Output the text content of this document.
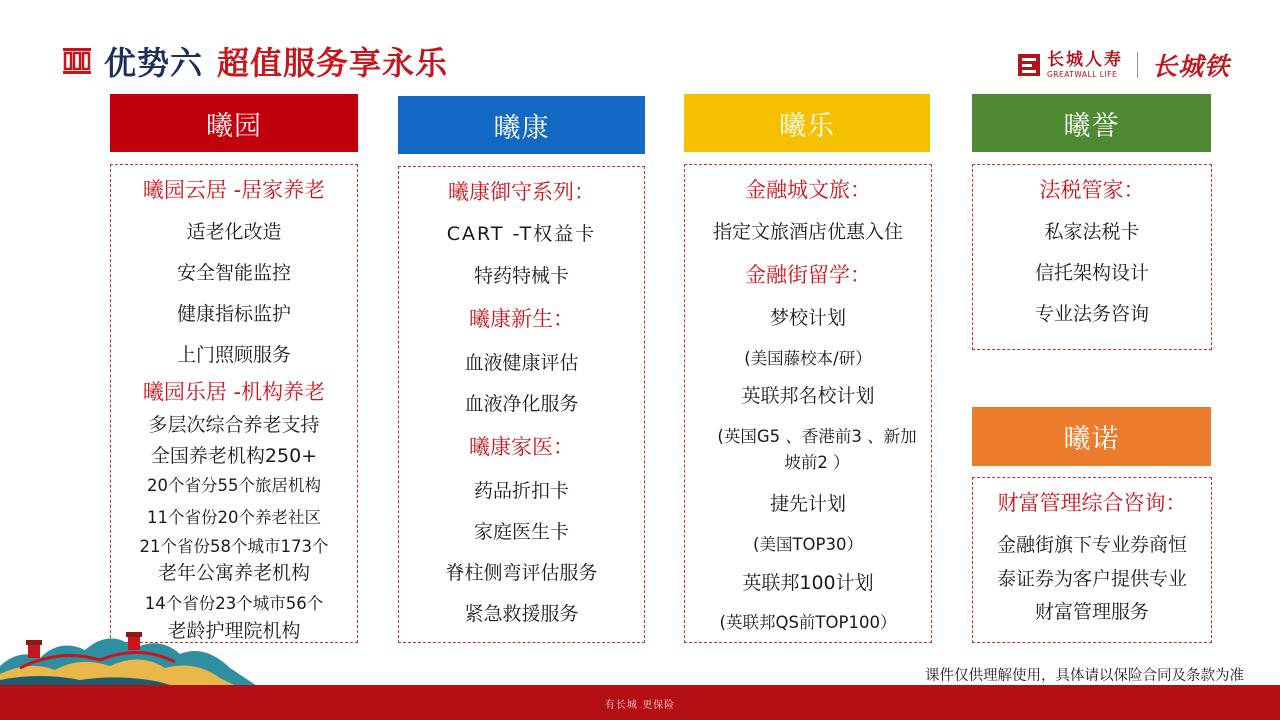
优势六 超值服务享永乐	长城人寿
GREATWALL LIFE 长城铁
曦园
曦园云居 -居家养老
适老化改造
安全智能监控
健康指标监护
上门照顾服务
曦园乐居 -机构养老
多层次综合养老支持
全国养老机构250+
20个省分55个旅居机构
11个省份20个养老社区
21个省份58个城市173个
老年公寓养老机构
14个省份23个城市56个
老龄护理院机构
曦康
曦康御守系列：
CART -T权益卡
特药特械卡
曦康新生：
血液健康评估
血液净化服务
曦康家医：
药品折扣卡
家庭医生卡
脊柱侧弯评估服务
紧急救援服务
曦乐
金融城文旅：
指定文旅酒店优惠入住
金融街留学：
梦校计划
(美国藤校本/研）
英联邦名校计划
(英国G5 、香港前3 、新加坡前2 ）
捷先计划
(美国TOP30）
英联邦100计划
(英联邦QS前TOP100）
曦誉
法税管家：
私家法税卡
信托架构设计
专业法务咨询
曦诺
财富管理综合咨询：
金融街旗下专业券商恒
泰证券为客户提供专业
财富管理服务
课件仅供理解使用，具体请以保险合同及条款为准
有长城 更保险
